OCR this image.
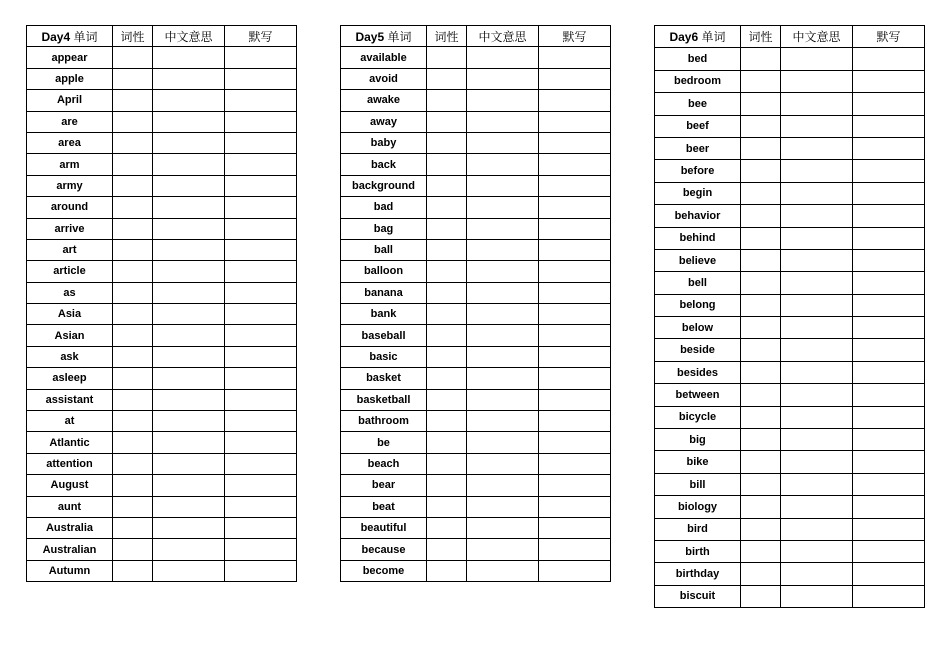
Day4 单词	词性	中文意思	默写
appear			
apple			
April			
are			
area			
arm			
army			
around			
arrive			
art			
article			
as			
Asia			
Asian			
ask			
asleep			
assistant			
at			
Atlantic			
attention			
August			
aunt			
Australia			
Australian			
Autumn			
Day5 单词	词性	中文意思	默写
available			
avoid			
awake			
away			
baby			
back			
background			
bad			
bag			
ball			
balloon			
banana			
bank			
baseball			
basic			
basket			
basketball			
bathroom			
be			
beach			
bear			
beat			
beautiful			
because			
become			
Day6 单词	词性	中文意思	默写
bed			
bedroom			
bee			
beef			
beer			
before			
begin			
behavior			
behind			
believe			
bell			
belong			
below			
beside			
besides			
between			
bicycle			
big			
bike			
bill			
biology			
bird			
birth			
birthday			
biscuit			
